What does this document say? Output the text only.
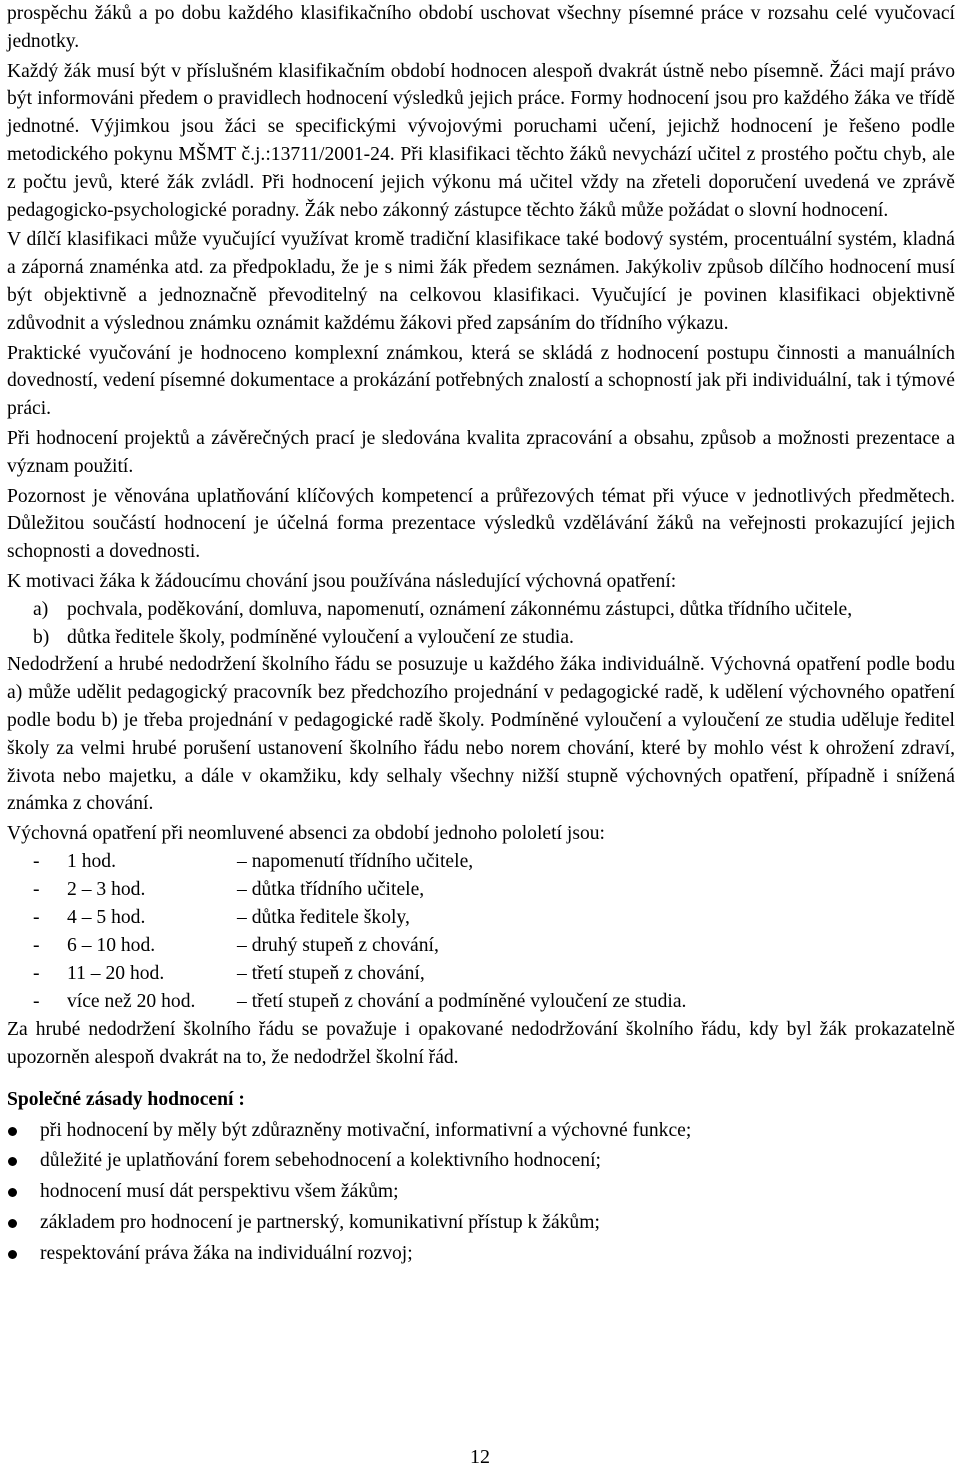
prospěchu žáků a po dobu každého klasifikačního období uschovat všechny písemné práce v rozsahu celé vyučovací jednotky.

Každý žák musí být v příslušném klasifikačním období hodnocen alespoň dvakrát ústně nebo písemně. Žáci mají právo být informováni předem o pravidlech hodnocení výsledků jejich práce. Formy hodnocení jsou pro každého žáka ve třídě jednotné. Výjimkou jsou žáci se specifickými vývojovými poruchami učení, jejichž hodnocení je řešeno podle metodického pokynu MŠMT č.j.:13711/2001-24. Při klasifikaci těchto žáků nevychází učitel z prostého počtu chyb, ale z počtu jevů, které žák zvládl. Při hodnocení jejich výkonu má učitel vždy na zřeteli doporučení uvedená ve zprávě pedagogicko-psychologické poradny. Žák nebo zákonný zástupce těchto žáků může požádat o slovní hodnocení.

V dílčí klasifikaci může vyučující využívat kromě tradiční klasifikace také bodový systém, procentuální systém, kladná a záporná znaménka atd. za předpokladu, že je s nimi žák předem seznámen. Jakýkoliv způsob dílčího hodnocení musí být objektivně a jednoznačně převoditelný na celkovou klasifikaci. Vyučující je povinen klasifikaci objektivně zdůvodnit a výslednou známku oznámit každému žákovi před zapsáním do třídního výkazu.

Praktické vyučování je hodnoceno komplexní známkou, která se skládá z hodnocení postupu činnosti a manuálních dovedností, vedení písemné dokumentace a prokázání potřebných znalostí a schopností jak při individuální, tak i týmové práci.

Při hodnocení projektů a závěrečných prací je sledována kvalita zpracování a obsahu, způsob a možnosti prezentace a význam použití.

Pozornost je věnována uplatňování klíčových kompetencí a průřezových témat při výuce v jednotlivých předmětech. Důležitou součástí hodnocení je účelná forma prezentace výsledků vzdělávání žáků na veřejnosti prokazující jejich schopnosti a dovednosti.

K motivaci žáka k žádoucímu chování jsou používána následující výchovná opatření:

a) pochvala, poděkování, domluva, napomenutí, oznámení zákonnému zástupci, důtka třídního učitele,
b) důtka ředitele školy, podmíněné vyloučení a vyloučení ze studia.

Nedodržení a hrubé nedodržení školního řádu se posuzuje u každého žáka individuálně. Výchovná opatření podle bodu a) může udělit pedagogický pracovník bez předchozího projednání v pedagogické radě, k udělení výchovného opatření podle bodu b) je třeba projednání v pedagogické radě školy. Podmíněné vyloučení a vyloučení ze studia uděluje ředitel školy za velmi hrubé porušení ustanovení školního řádu nebo norem chování, které by mohlo vést k ohrožení zdraví, života nebo majetku, a dále v okamžiku, kdy selhaly všechny nižší stupně výchovných opatření, případně i snížená známka z chování.

Výchovná opatření při neomluvené absenci za období jednoho pololetí jsou:

- 1 hod.	– napomenutí třídního učitele,
- 2 – 3 hod.	– důtka třídního učitele,
- 4 – 5 hod.	– důtka ředitele školy,
- 6 – 10 hod.	– druhý stupeň z chování,
- 11 – 20 hod.	– třetí stupeň z chování,
- více než 20 hod. – třetí stupeň z chování a podmíněné vyloučení ze studia.

Za hrubé nedodržení školního řádu se považuje i opakované nedodržování školního řádu, kdy byl žák prokazatelně upozorněn alespoň dvakrát na to, že nedodržel školní řád.

Společné zásady hodnocení :

při hodnocení by měly být zdůrazněny motivační, informativní a výchovné funkce;
důležité je uplatňování forem sebehodnocení a kolektivního hodnocení;
hodnocení musí dát perspektivu všem žákům;
základem pro hodnocení je partnerský, komunikativní přístup k žákům;
respektování práva žáka na individuální rozvoj;
12
